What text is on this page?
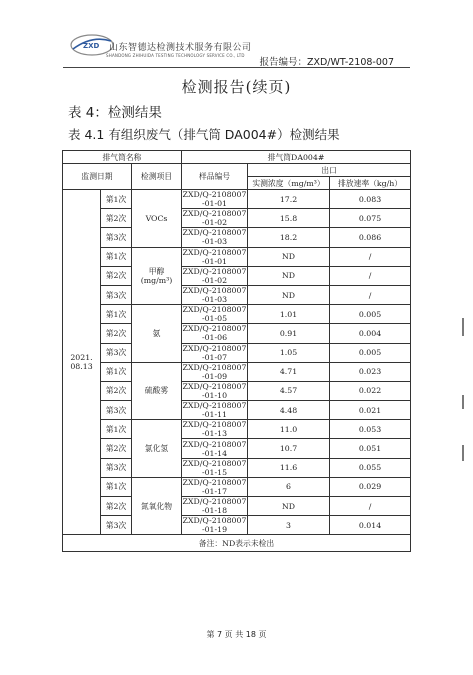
ZXD 山东智德达检测技术服务有限公司
SHANDONG ZHIHUIDA TESTING TECHNOLOGY SERVICE CO., LTD
报告编号：ZXD/WT-2108-007
检测报告(续页)
表 4：检测结果
表 4.1 有组织废气（排气筒 DA004#）检测结果
排气筒名称			排气筒DA004#		
监测日期		检测项目	样品编号	出口	
				实测浓度（mg/m³）	排放速率（kg/h）
2021.
08.13	第1次	VOCs	ZXD/Q-2108007
-01-01	17.2	0.083
	第2次		ZXD/Q-2108007
-01-02	15.8	0.075
	第3次		ZXD/Q-2108007
-01-03	18.2	0.086
	第1次	甲醇
(mg/m³)	ZXD/Q-2108007
-01-01	ND	/
	第2次		ZXD/Q-2108007
-01-02	ND	/
	第3次		ZXD/Q-2108007
-01-03	ND	/
	第1次	氨	ZXD/Q-2108007
-01-05	1.01	0.005
	第2次		ZXD/Q-2108007
-01-06	0.91	0.004
	第3次		ZXD/Q-2108007
-01-07	1.05	0.005
	第1次	硫酸雾	ZXD/Q-2108007
-01-09	4.71	0.023
	第2次		ZXD/Q-2108007
-01-10	4.57	0.022
	第3次		ZXD/Q-2108007
-01-11	4.48	0.021
	第1次	氯化氢	ZXD/Q-2108007
-01-13	11.0	0.053
	第2次		ZXD/Q-2108007
-01-14	10.7	0.051
	第3次		ZXD/Q-2108007
-01-15	11.6	0.055
	第1次	氮氧化物	ZXD/Q-2108007
-01-17	6	0.029
	第2次		ZXD/Q-2108007
-01-18	ND	/
	第3次		ZXD/Q-2108007
-01-19	3	0.014
备注：ND表示未检出					
第 7 页 共 18 页
